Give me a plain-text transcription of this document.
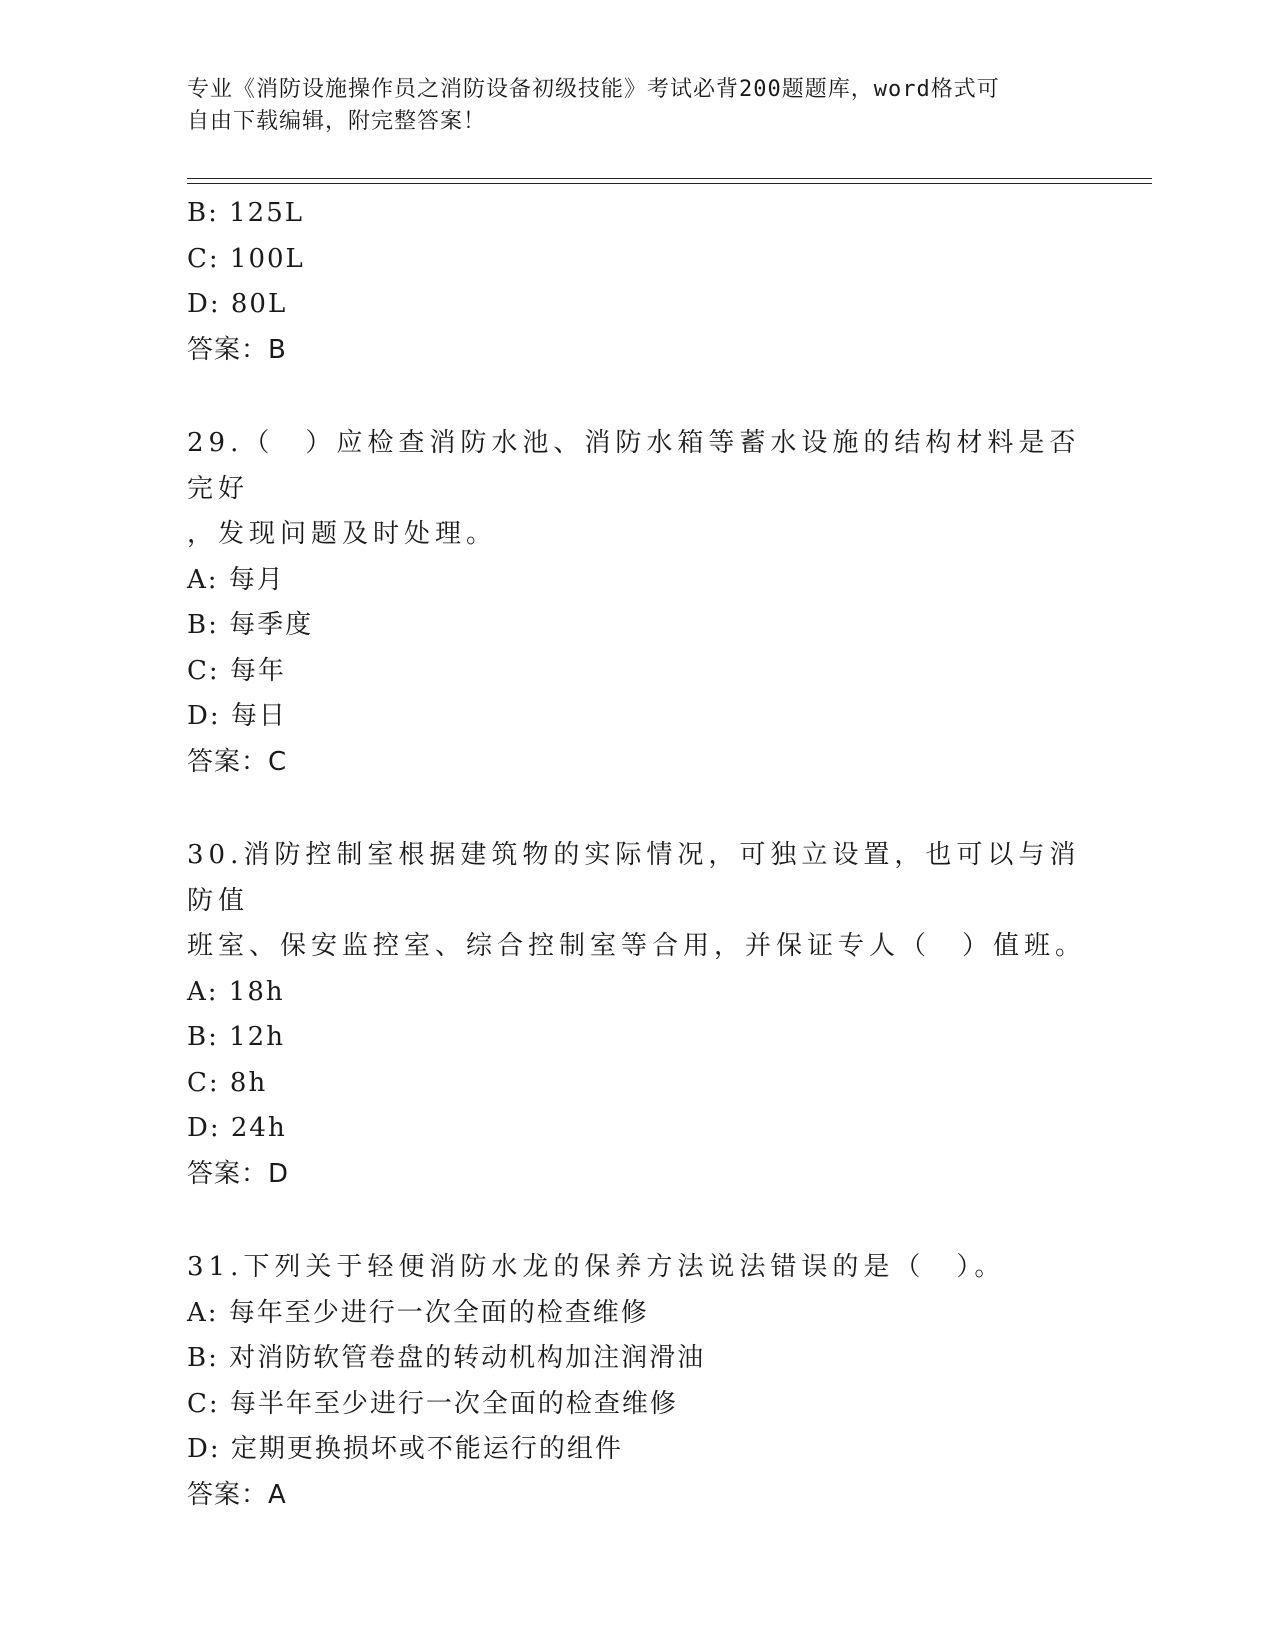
专业《消防设施操作员之消防设备初级技能》考试必背200题题库，word格式可
自由下载编辑，附完整答案！
B: 125L
C: 100L
D: 80L
答案：B
29.（　）应检查消防水池、消防水箱等蓄水设施的结构材料是否完好
，发现问题及时处理。
A: 每月
B: 每季度
C: 每年
D: 每日
答案：C
30.消防控制室根据建筑物的实际情况，可独立设置，也可以与消防值
班室、保安监控室、综合控制室等合用，并保证专人（　）值班。
A: 18h
B: 12h
C: 8h
D: 24h
答案：D
31.下列关于轻便消防水龙的保养方法说法错误的是（　）。
A: 每年至少进行一次全面的检查维修
B: 对消防软管卷盘的转动机构加注润滑油
C: 每半年至少进行一次全面的检查维修
D: 定期更换损坏或不能运行的组件
答案：A
